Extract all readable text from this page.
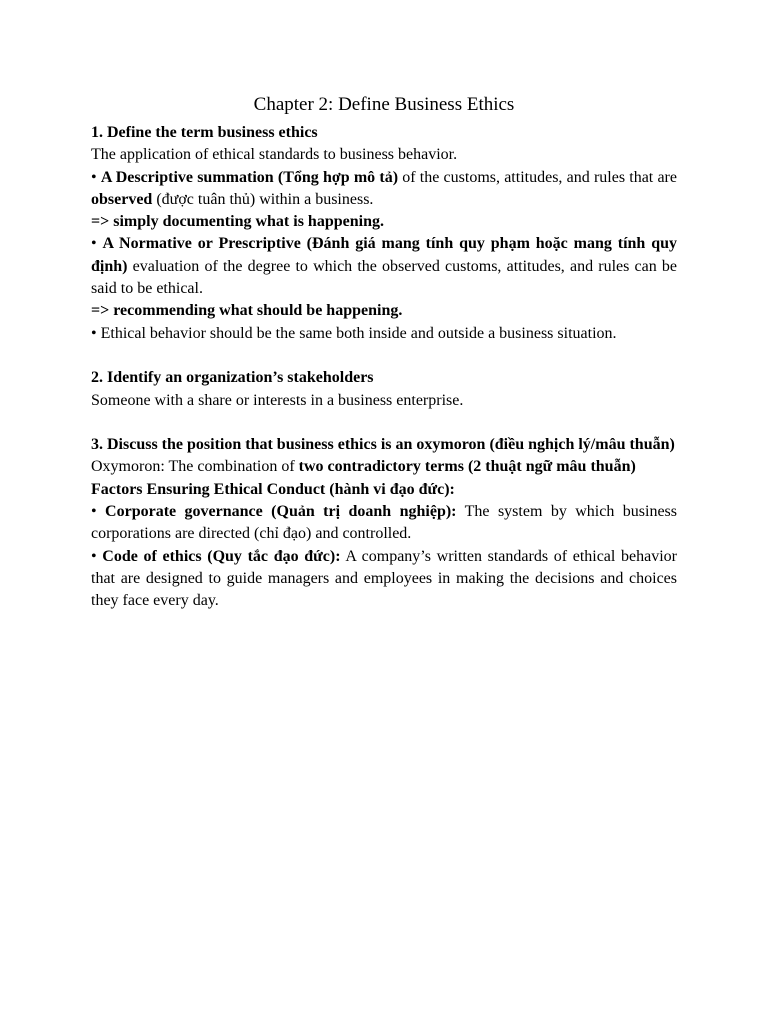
Chapter 2: Define Business Ethics

1. Define the term business ethics

The application of ethical standards to business behavior.

• A Descriptive summation (Tổng hợp mô tả) of the customs, attitudes, and rules that are observed (được tuân thủ) within a business.

=> simply documenting what is happening.

• A Normative or Prescriptive (Đánh giá mang tính quy phạm hoặc mang tính quy định) evaluation of the degree to which the observed customs, attitudes, and rules can be said to be ethical.

=> recommending what should be happening.

• Ethical behavior should be the same both inside and outside a business situation.

2. Identify an organization’s stakeholders

Someone with a share or interests in a business enterprise.

3. Discuss the position that business ethics is an oxymoron (điều nghịch lý/mâu thuẫn)

Oxymoron: The combination of two contradictory terms (2 thuật ngữ mâu thuẫn)

Factors Ensuring Ethical Conduct (hành vi đạo đức):

• Corporate governance (Quản trị doanh nghiệp): The system by which business corporations are directed (chỉ đạo) and controlled.

• Code of ethics (Quy tắc đạo đức): A company’s written standards of ethical behavior that are designed to guide managers and employees in making the decisions and choices they face every day.
